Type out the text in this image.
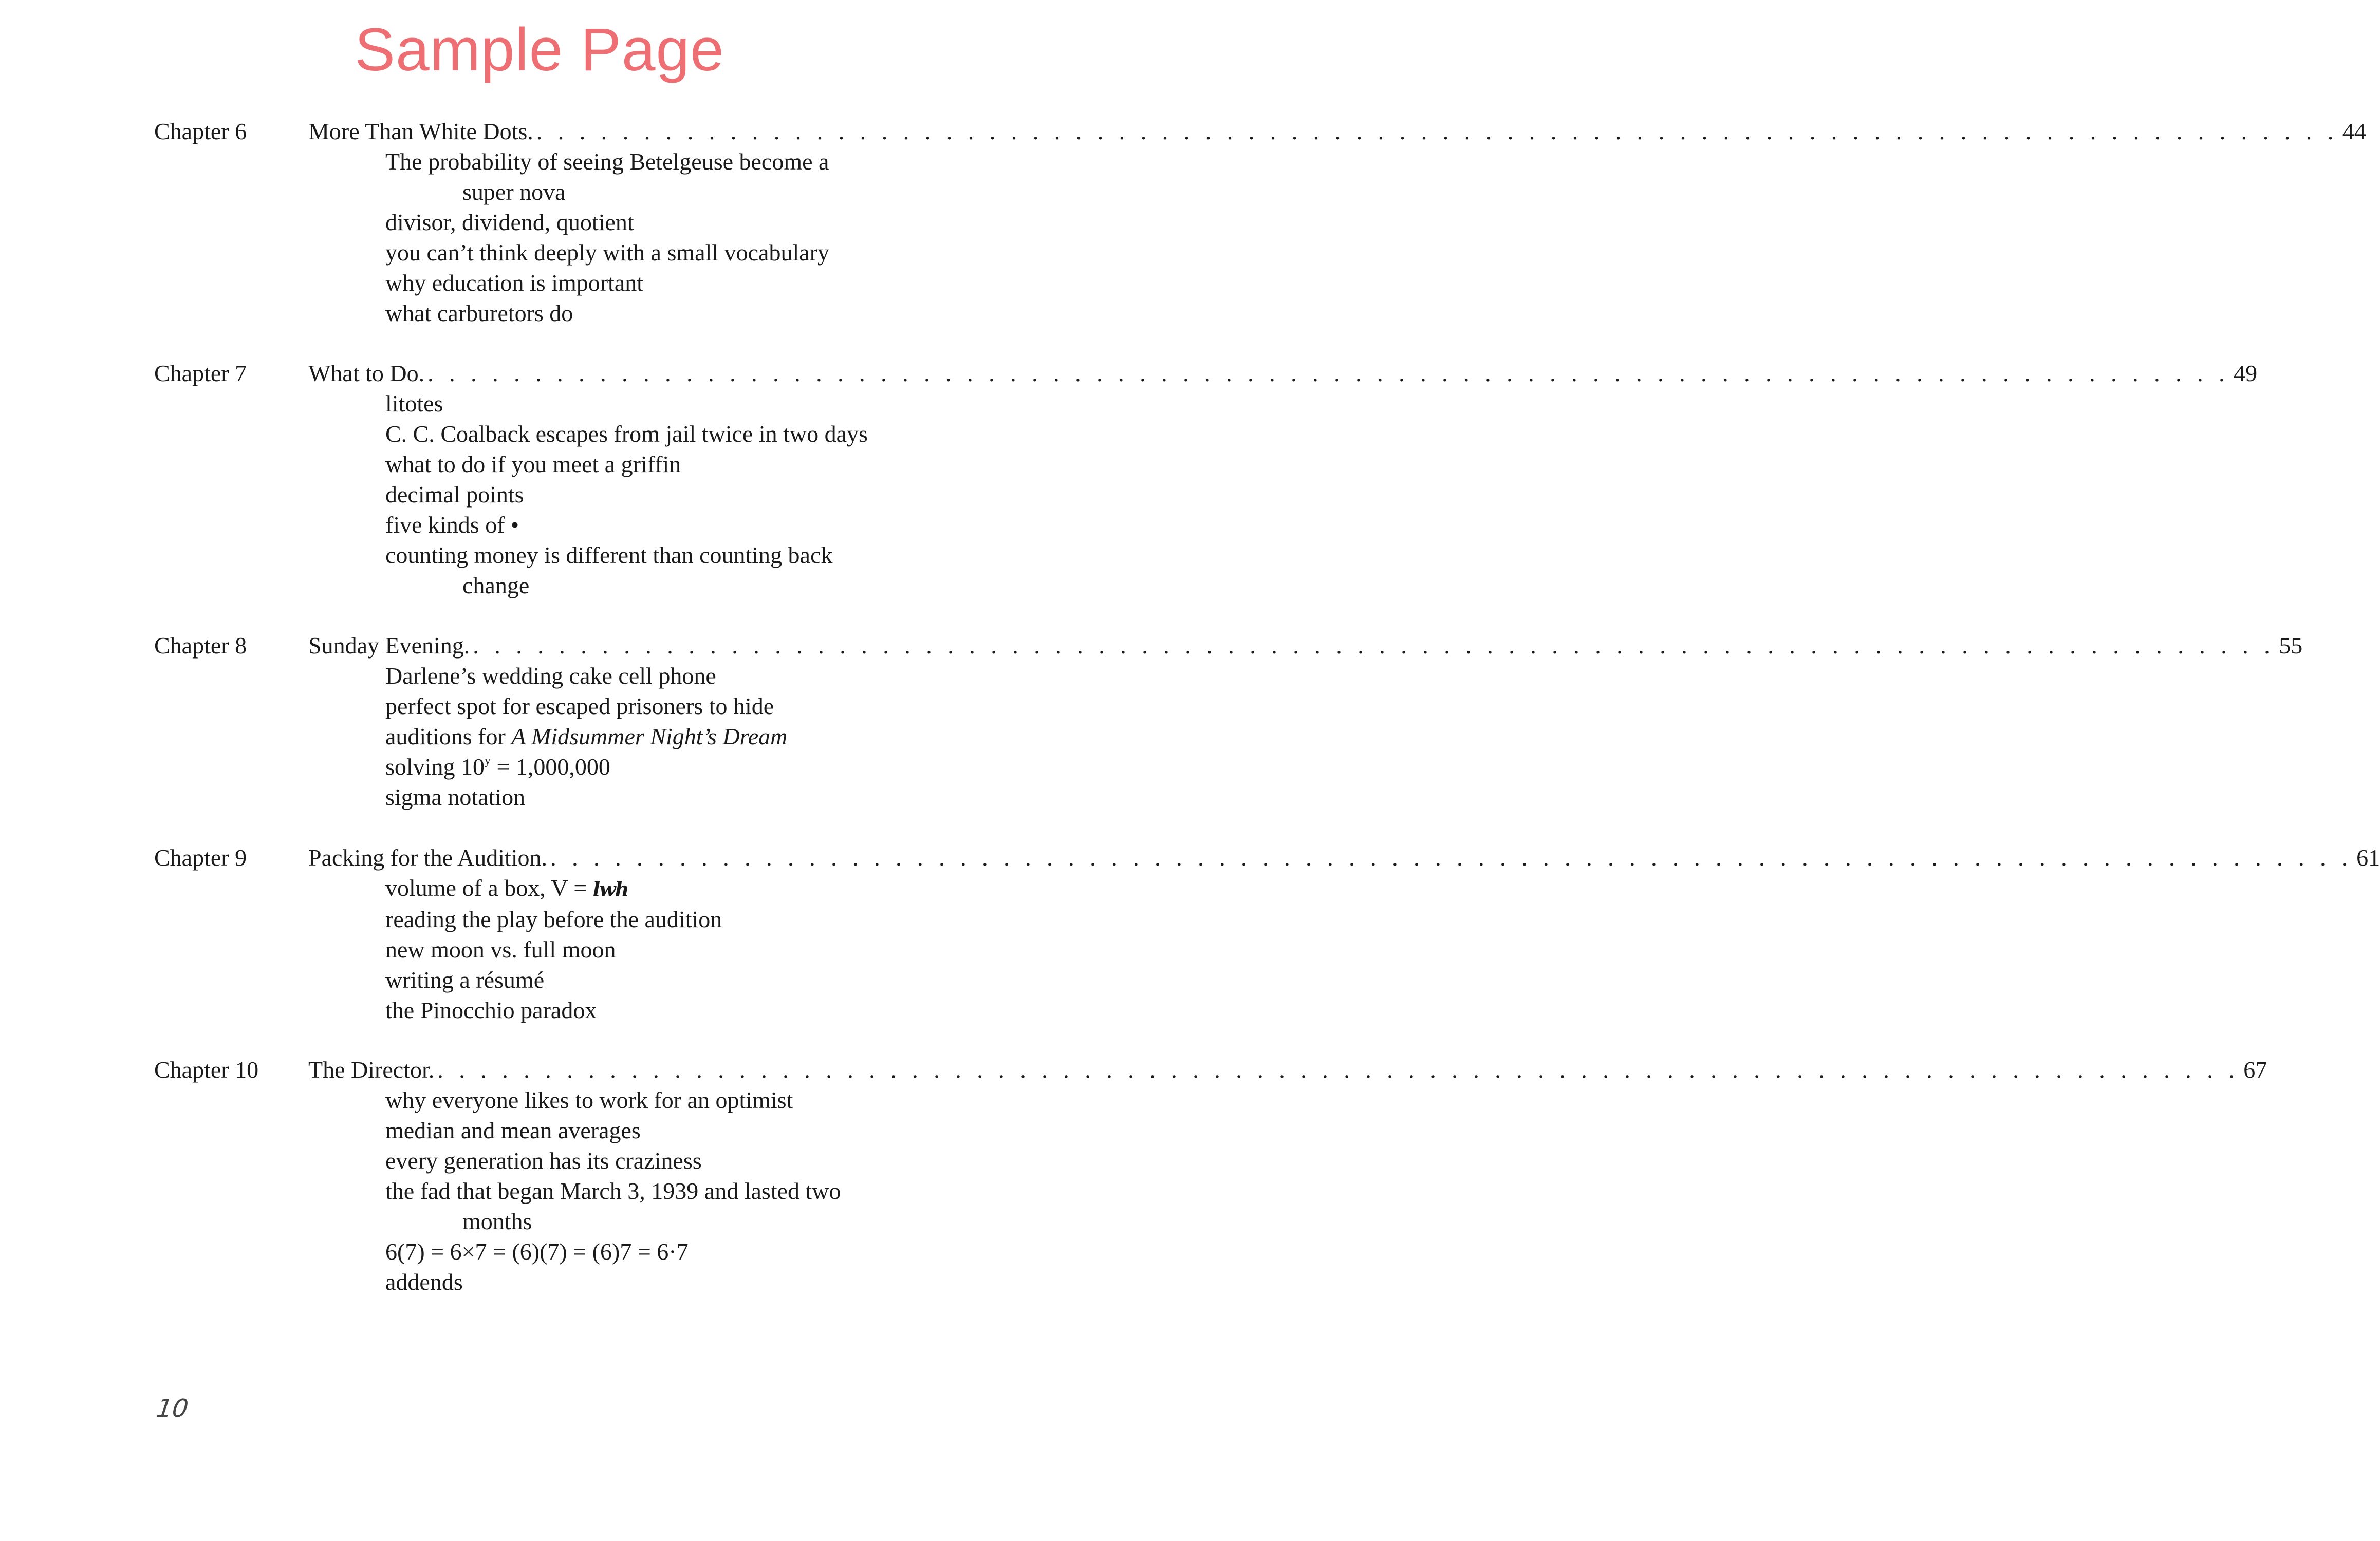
Sample Page
Chapter 6	More Than White Dots. . . . . . . . . . . . . . . . . . . . . . . . . . . . . . . . . . . . . . . . . . . . . . . . . . . . . . . . . . . . . . . . . . . . . . . . . . . . . . . . . . . . . 44
The probability of seeing Betelgeuse become a
super nova
divisor, dividend, quotient
you can’t think deeply with a small vocabulary
why education is important
what carburetors do
Chapter 7	What to Do. . . . . . . . . . . . . . . . . . . . . . . . . . . . . . . . . . . . . . . . . . . . . . . . . . . . . . . . . . . . . . . . . . . . . . . . . . . . . . . . . . . . . 49
litotes
C. C. Coalback escapes from jail twice in two days
what to do if you meet a griffin
decimal points
five kinds of •
counting money is different than counting back
change
Chapter 8	Sunday Evening. . . . . . . . . . . . . . . . . . . . . . . . . . . . . . . . . . . . . . . . . . . . . . . . . . . . . . . . . . . . . . . . . . . . . . . . . . . . . . . . . . . . . 55
Darlene’s wedding cake cell phone
perfect spot for escaped prisoners to hide
auditions for A Midsummer Night’s Dream
solving $10^y = 1,000,000$
sigma notation
Chapter 9	Packing for the Audition. . . . . . . . . . . . . . . . . . . . . . . . . . . . . . . . . . . . . . . . . . . . . . . . . . . . . . . . . . . . . . . . . . . . . . . . . . . . . . . . . . . . . 61
volume of a box, V = lwh
reading the play before the audition
new moon vs. full moon
writing a résumé
the Pinocchio paradox
Chapter 10 The Director. . . . . . . . . . . . . . . . . . . . . . . . . . . . . . . . . . . . . . . . . . . . . . . . . . . . . . . . . . . . . . . . . . . . . . . . . . . . . . . . . . . . . 67
why everyone likes to work for an optimist
median and mean averages
every generation has its craziness
the fad that began March 3, 1939 and lasted two
months
6(7) = 6×7 = (6)(7) = (6)7 = 6·7
addends
10
